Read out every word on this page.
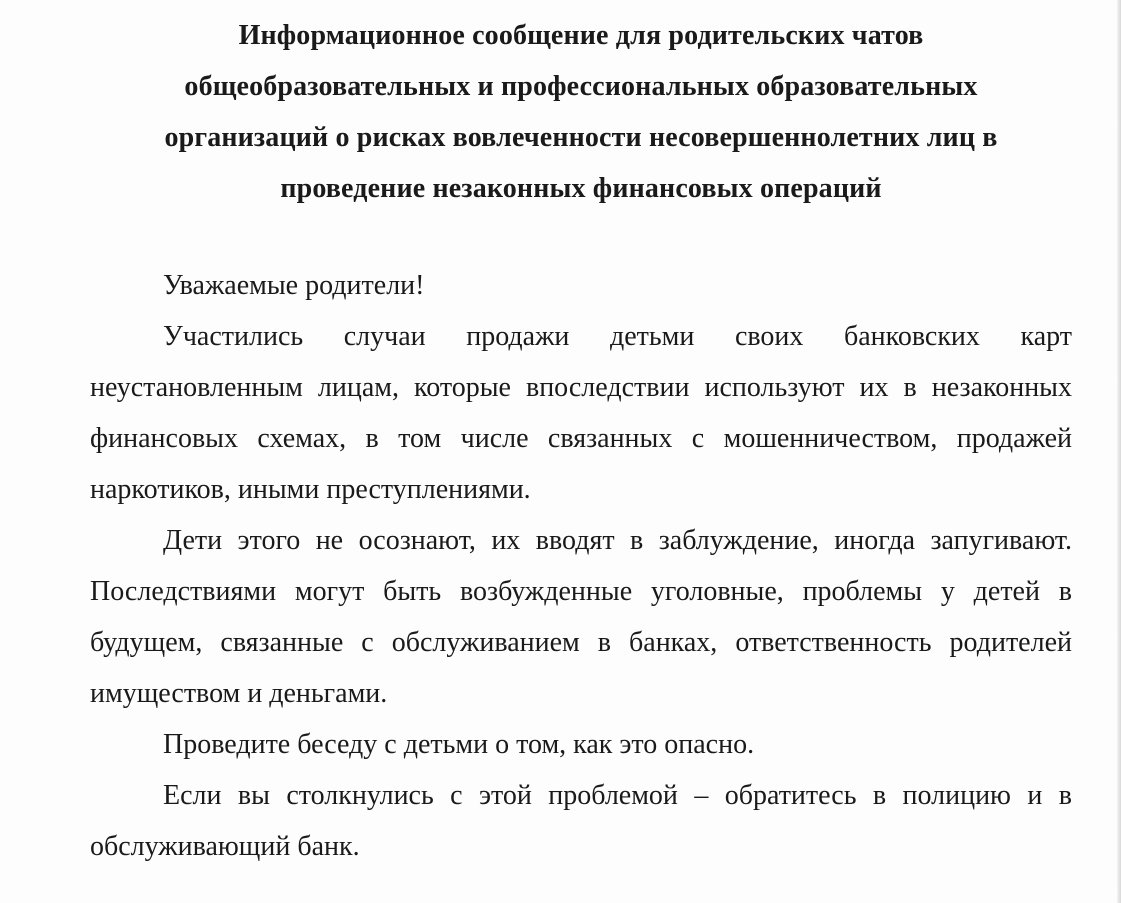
Информационное сообщение для родительских чатов
общеобразовательных и профессиональных образовательных
организаций о рисках вовлеченности несовершеннолетних лиц в
проведение незаконных финансовых операций

Уважаемые родители!

Участились случаи продажи детьми своих банковских карт неустановленным лицам, которые впоследствии используют их в незаконных финансовых схемах, в том числе связанных с мошенничеством, продажей наркотиков, иными преступлениями.

Дети этого не осознают, их вводят в заблуждение, иногда запугивают. Последствиями могут быть возбужденные уголовные, проблемы у детей в будущем, связанные с обслуживанием в банках, ответственность родителей имуществом и деньгами.

Проведите беседу с детьми о том, как это опасно.

Если вы столкнулись с этой проблемой – обратитесь в полицию и в обслуживающий банк.
